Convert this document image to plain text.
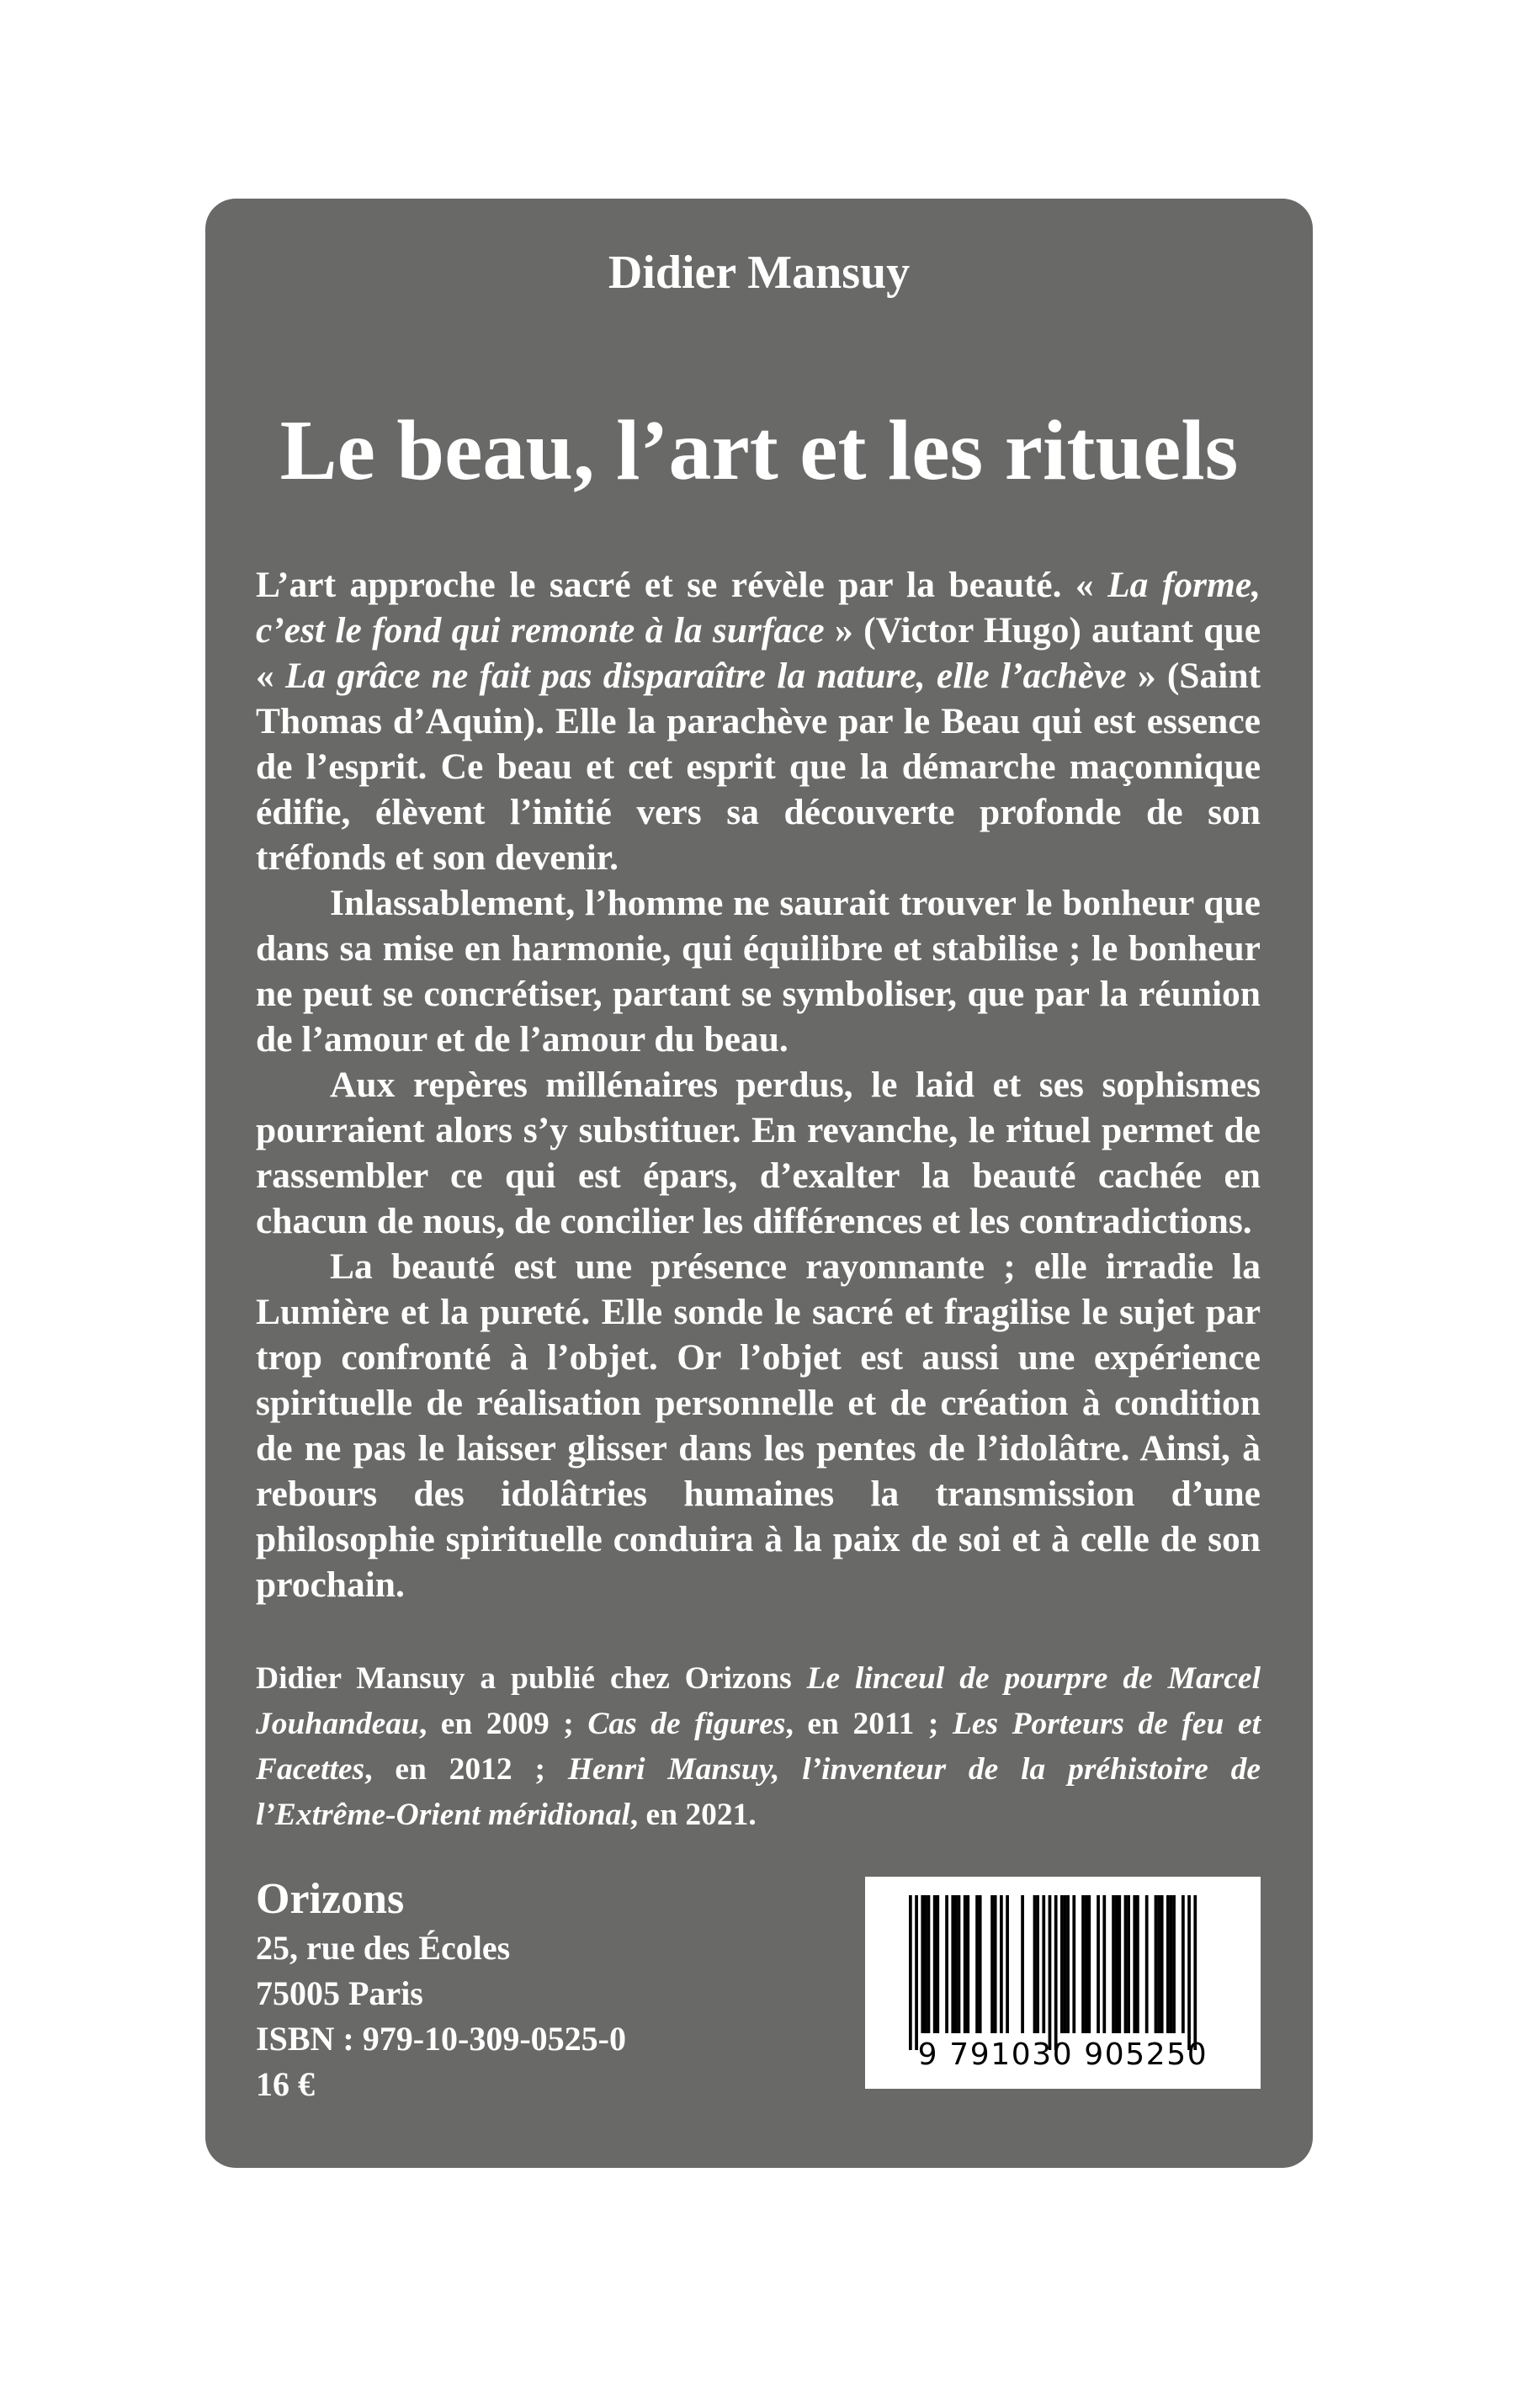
Didier Mansuy
Le beau, l’art et les rituels

L’art approche le sacré et se révèle par la beauté. « La forme, c’est le fond qui remonte à la surface » (Victor Hugo) autant que « La grâce ne fait pas disparaître la nature, elle l’achève » (Saint Thomas d’Aquin). Elle la parachève par le Beau qui est essence de l’esprit. Ce beau et cet esprit que la démarche maçonnique édifie, élèvent l’initié vers sa découverte profonde de son tréfonds et son devenir.

Inlassablement, l’homme ne saurait trouver le bonheur que dans sa mise en harmonie, qui équilibre et stabilise ; le bonheur ne peut se concrétiser, partant se symboliser, que par la réunion de l’amour et de l’amour du beau.

Aux repères millénaires perdus, le laid et ses sophismes pourraient alors s’y substituer. En revanche, le rituel permet de rassembler ce qui est épars, d’exalter la beauté cachée en chacun de nous, de concilier les différences et les contradictions.

La beauté est une présence rayonnante ; elle irradie la Lumière et la pureté. Elle sonde le sacré et fragilise le sujet par trop confronté à l’objet. Or l’objet est aussi une expérience spirituelle de réalisation personnelle et de création à condition de ne pas le laisser glisser dans les pentes de l’idolâtre. Ainsi, à rebours des idolâtries humaines la transmission d’une philosophie spirituelle conduira à la paix de soi et à celle de son prochain.

Didier Mansuy a publié chez Orizons Le linceul de pourpre de Marcel Jouhandeau, en 2009 ; Cas de figures, en 2011 ; Les Porteurs de feu et Facettes, en 2012 ; Henri Mansuy, l’inventeur de la préhistoire de l’Extrême-Orient méridional, en 2021.

Orizons
25, rue des Écoles
75005 Paris
ISBN : 979-10-309-0525-0
16 €
9 791030 905250
